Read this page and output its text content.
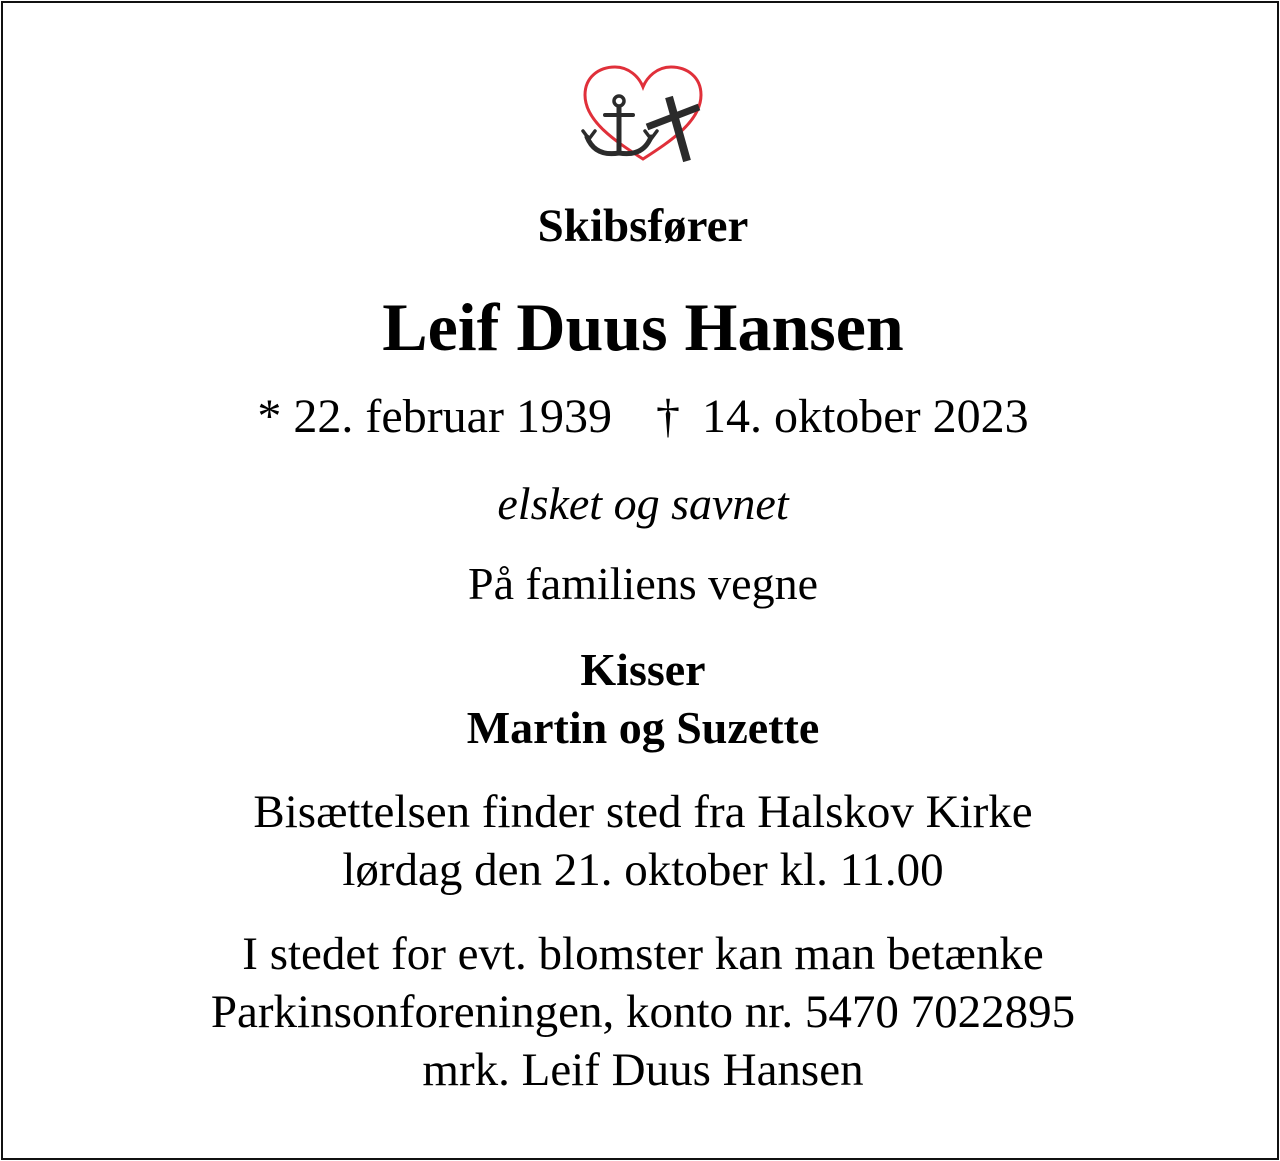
Skibsfører
Leif Duus Hansen
* 22. februar 1939 † 14. oktober 2023
elsket og savnet
På familiens vegne
Kisser
Martin og Suzette
Bisættelsen finder sted fra Halskov Kirke
lørdag den 21. oktober kl. 11.00
I stedet for evt. blomster kan man betænke
Parkinsonforeningen, konto nr. 5470 7022895
mrk. Leif Duus Hansen
